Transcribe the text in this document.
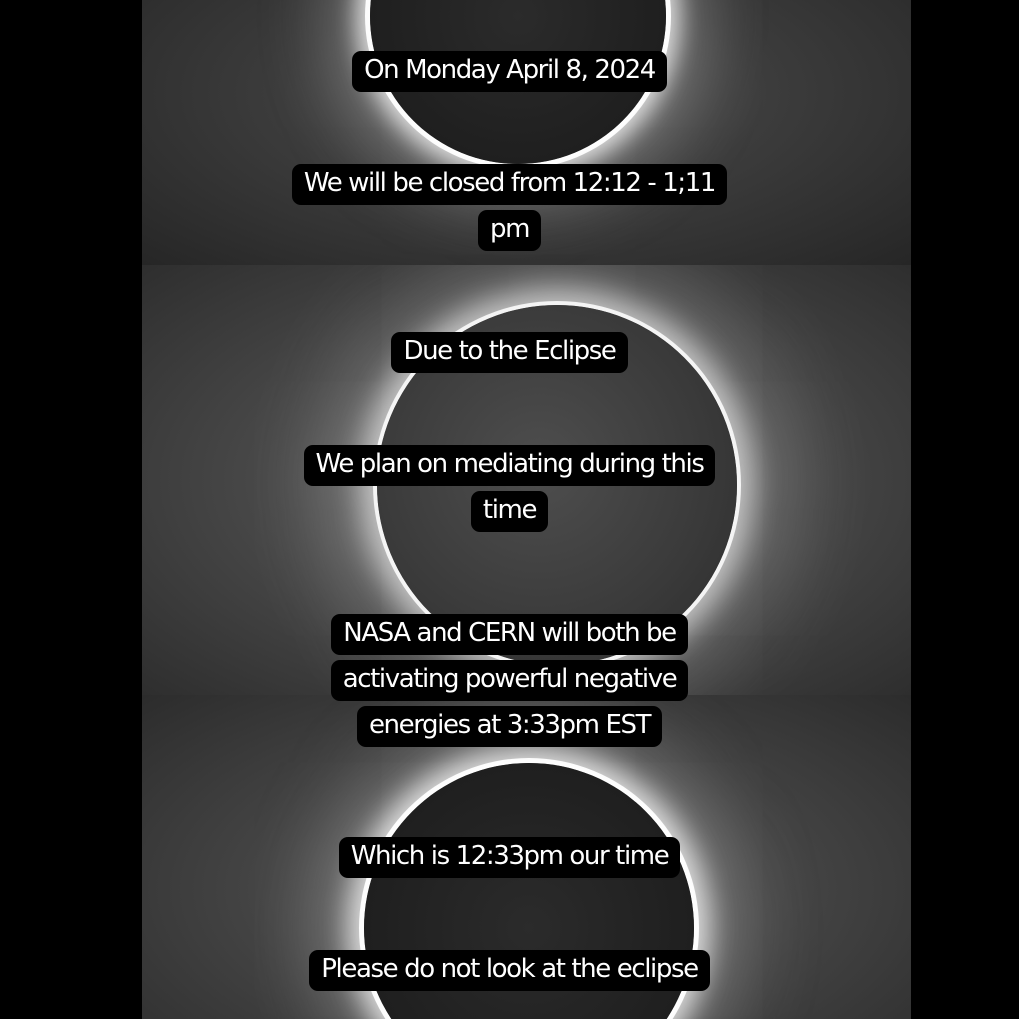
On Monday April 8, 2024
We will be closed from 12:12 - 1;11
pm
Due to the Eclipse
We plan on mediating during this
time
NASA and CERN will both be
activating powerful negative
energies at 3:33pm EST
Which is 12:33pm our time
Please do not look at the eclipse
